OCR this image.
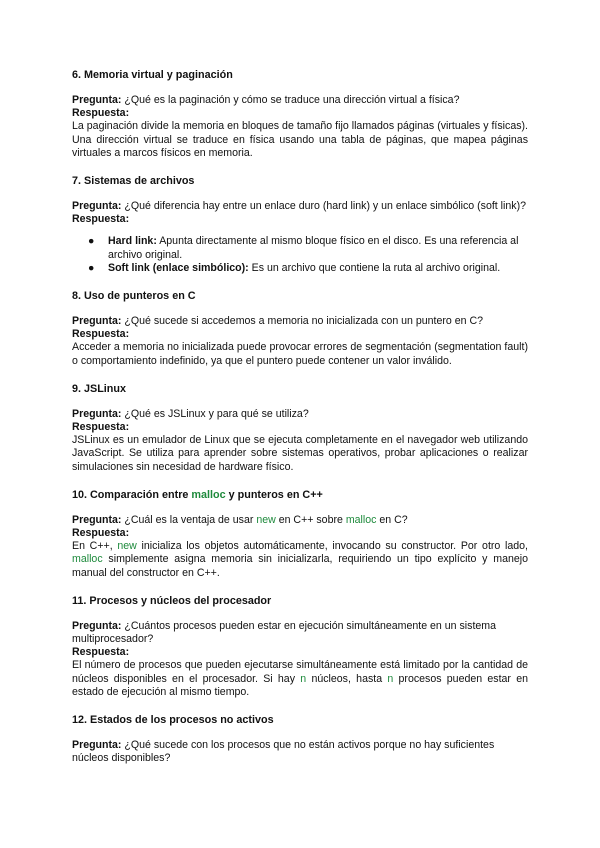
6. Memoria virtual y paginación

Pregunta: ¿Qué es la paginación y cómo se traduce una dirección virtual a física?

Respuesta:

La paginación divide la memoria en bloques de tamaño fijo llamados páginas (virtuales y físicas). Una dirección virtual se traduce en física usando una tabla de páginas, que mapea páginas virtuales a marcos físicos en memoria.

7. Sistemas de archivos

Pregunta: ¿Qué diferencia hay entre un enlace duro (hard link) y un enlace simbólico (soft link)?

Respuesta:

● Hard link: Apunta directamente al mismo bloque físico en el disco. Es una referencia al archivo original.
● Soft link (enlace simbólico): Es un archivo que contiene la ruta al archivo original.

8. Uso de punteros en C

Pregunta: ¿Qué sucede si accedemos a memoria no inicializada con un puntero en C?

Respuesta:

Acceder a memoria no inicializada puede provocar errores de segmentación (segmentation fault) o comportamiento indefinido, ya que el puntero puede contener un valor inválido.

9. JSLinux

Pregunta: ¿Qué es JSLinux y para qué se utiliza?

Respuesta:

JSLinux es un emulador de Linux que se ejecuta completamente en el navegador web utilizando JavaScript. Se utiliza para aprender sobre sistemas operativos, probar aplicaciones o realizar simulaciones sin necesidad de hardware físico.

10. Comparación entre malloc y punteros en C++

Pregunta: ¿Cuál es la ventaja de usar new en C++ sobre malloc en C?

Respuesta:

En C++, new inicializa los objetos automáticamente, invocando su constructor. Por otro lado, malloc simplemente asigna memoria sin inicializarla, requiriendo un tipo explícito y manejo manual del constructor en C++.

11. Procesos y núcleos del procesador

Pregunta: ¿Cuántos procesos pueden estar en ejecución simultáneamente en un sistema multiprocesador?

Respuesta:

El número de procesos que pueden ejecutarse simultáneamente está limitado por la cantidad de núcleos disponibles en el procesador. Si hay n núcleos, hasta n procesos pueden estar en estado de ejecución al mismo tiempo.

12. Estados de los procesos no activos

Pregunta: ¿Qué sucede con los procesos que no están activos porque no hay suficientes núcleos disponibles?
